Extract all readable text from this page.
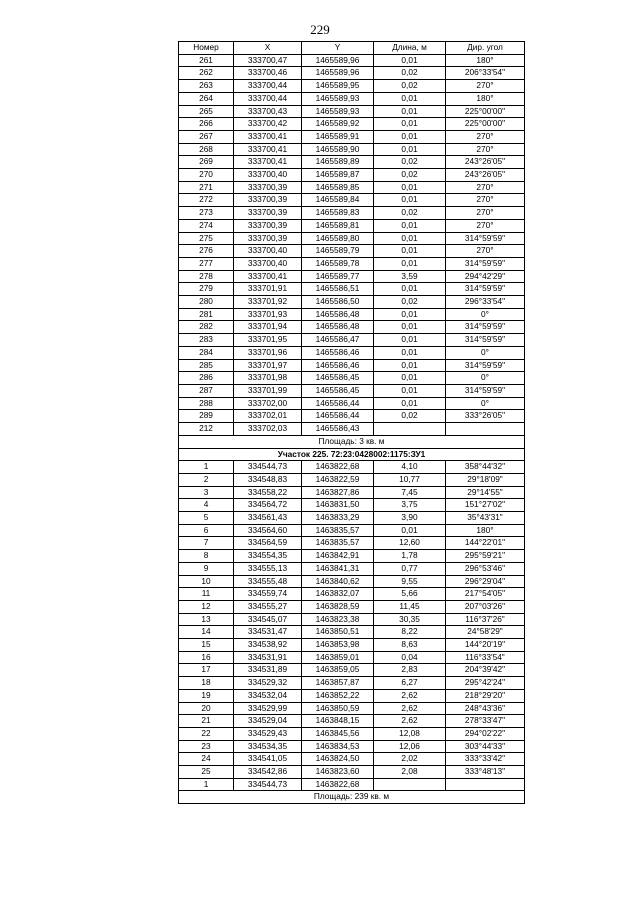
229
Номер	X	Y	Длина, м	Дир. угол
261	333700,47	1465589,96	0,01	180°
262	333700,46	1465589,96	0,02	206°33'54"
263	333700,44	1465589,95	0,02	270°
264	333700,44	1465589,93	0,01	180°
265	333700,43	1465589,93	0,01	225°00'00"
266	333700,42	1465589,92	0,01	225°00'00"
267	333700,41	1465589,91	0,01	270°
268	333700,41	1465589,90	0,01	270°
269	333700,41	1465589,89	0,02	243°26'05"
270	333700,40	1465589,87	0,02	243°26'05"
271	333700,39	1465589,85	0,01	270°
272	333700,39	1465589,84	0,01	270°
273	333700,39	1465589,83	0,02	270°
274	333700,39	1465589,81	0,01	270°
275	333700,39	1465589,80	0,01	314°59'59"
276	333700,40	1465589,79	0,01	270°
277	333700,40	1465589,78	0,01	314°59'59"
278	333700,41	1465589,77	3,59	294°42'29"
279	333701,91	1465586,51	0,01	314°59'59"
280	333701,92	1465586,50	0,02	296°33'54"
281	333701,93	1465586,48	0,01	0°
282	333701,94	1465586,48	0,01	314°59'59"
283	333701,95	1465586,47	0,01	314°59'59"
284	333701,96	1465586,46	0,01	0°
285	333701,97	1465586,46	0,01	314°59'59"
286	333701,98	1465586,45	0,01	0°
287	333701,99	1465586,45	0,01	314°59'59"
288	333702,00	1465586,44	0,01	0°
289	333702,01	1465586,44	0,02	333°26'05"
212	333702,03	1465586,43		
Площадь: 3 кв. м				
Участок 225. 72:23:0428002:1175:ЗУ1				
1	334544,73	1463822,68	4,10	358°44'32"
2	334548,83	1463822,59	10,77	29°18'09"
3	334558,22	1463827,86	7,45	29°14'55"
4	334564,72	1463831,50	3,75	151°27'02"
5	334561,43	1463833,29	3,90	35°43'31"
6	334564,60	1463835,57	0,01	180°
7	334564,59	1463835,57	12,60	144°22'01"
8	334554,35	1463842,91	1,78	295°59'21"
9	334555,13	1463841,31	0,77	296°53'46"
10	334555,48	1463840,62	9,55	296°29'04"
11	334559,74	1463832,07	5,66	217°54'05"
12	334555,27	1463828,59	11,45	207°03'26"
13	334545,07	1463823,38	30,35	116°37'26"
14	334531,47	1463850,51	8,22	24°58'29"
15	334538,92	1463853,98	8,63	144°20'19"
16	334531,91	1463859,01	0,04	116°33'54"
17	334531,89	1463859,05	2,83	204°39'42"
18	334529,32	1463857,87	6,27	295°42'24"
19	334532,04	1463852,22	2,62	218°29'20"
20	334529,99	1463850,59	2,62	248°43'36"
21	334529,04	1463848,15	2,62	278°33'47"
22	334529,43	1463845,56	12,08	294°02'22"
23	334534,35	1463834,53	12,06	303°44'33"
24	334541,05	1463824,50	2,02	333°33'42"
25	334542,86	1463823,60	2,08	333°48'13"
1	334544,73	1463822,68		
Площадь: 239 кв. м				
